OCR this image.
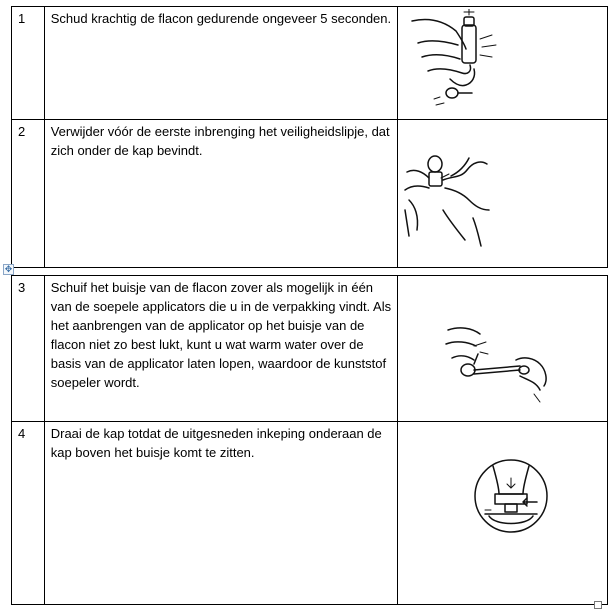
1	Schud krachtig de flacon gedurende ongeveer 5 seconden.	

2	Verwijder vóór de eerste inbrenging het veiligheidslipje, dat zich onder de kap bevindt.	
✥
3	Schuif het buisje van de flacon zover als mogelijk in één van de soepele applicators die u in de verpakking vindt. Als het aanbrengen van de applicator op het buisje van de flacon niet zo best lukt, kunt u wat warm water over de basis van de applicator laten lopen, waardoor de kunststof soepeler wordt.	

4	Draai de kap totdat de uitgesneden inkeping onderaan de kap boven het buisje komt te zitten.	
